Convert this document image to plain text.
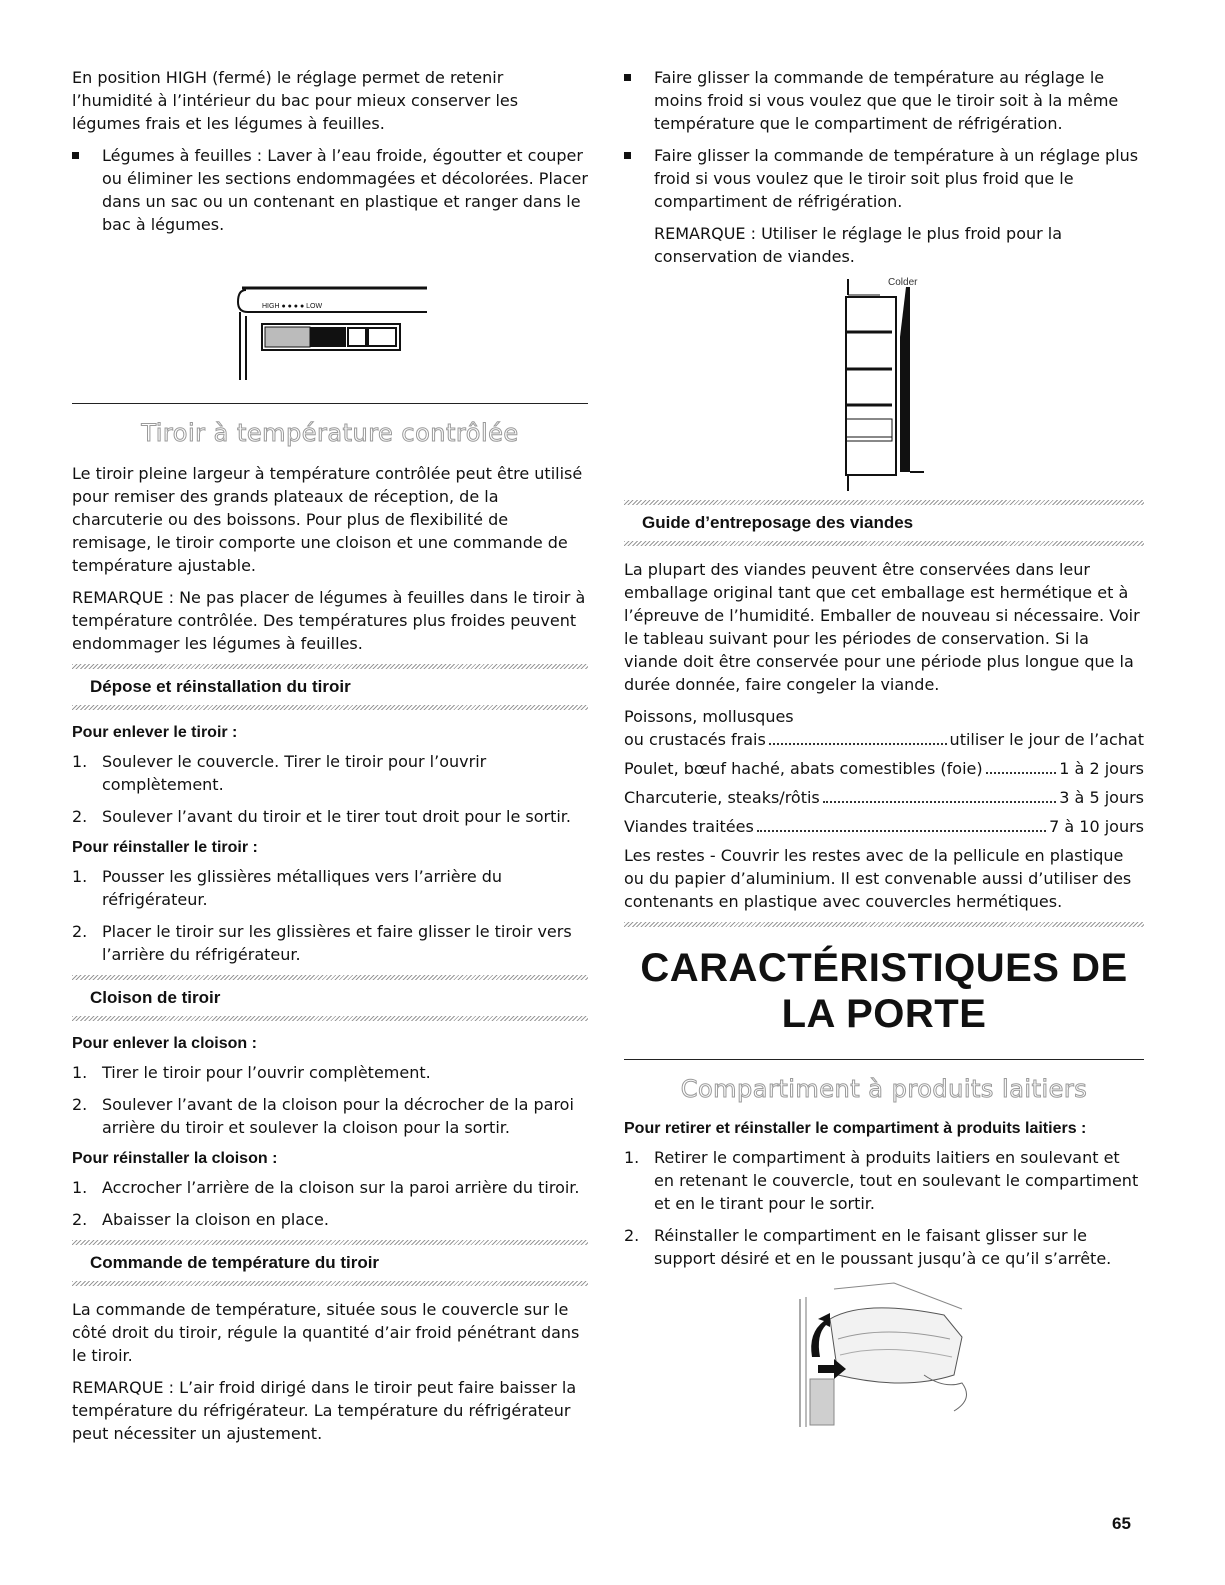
En position HIGH (fermé) le réglage permet de retenir l’humidité à l’intérieur du bac pour mieux conserver les légumes frais et les légumes à feuilles.

Légumes à feuilles : Laver à l’eau froide, égoutter et couper ou éliminer les sections endommagées et décolorées. Placer dans un sac ou un contenant en plastique et ranger dans le bac à légumes.

HIGH ● ● ● ● LOW
Tiroir à température contrôlée

Le tiroir pleine largeur à température contrôlée peut être utilisé pour remiser des grands plateaux de réception, de la charcuterie ou des boissons. Pour plus de flexibilité de remisage, le tiroir comporte une cloison et une commande de température ajustable.

REMARQUE : Ne pas placer de légumes à feuilles dans le tiroir à température contrôlée. Des températures plus froides peuvent endommager les légumes à feuilles.

Dépose et réinstallation du tiroir
Pour enlever le tiroir :

1. Soulever le couvercle. Tirer le tiroir pour l’ouvrir complètement.

2. Soulever l’avant du tiroir et le tirer tout droit pour le sortir.

Pour réinstaller le tiroir :

1. Pousser les glissières métalliques vers l’arrière du réfrigérateur.

2. Placer le tiroir sur les glissières et faire glisser le tiroir vers l’arrière du réfrigérateur.

Cloison de tiroir
Pour enlever la cloison :

1. Tirer le tiroir pour l’ouvrir complètement.

2. Soulever l’avant de la cloison pour la décrocher de la paroi arrière du tiroir et soulever la cloison pour la sortir.

Pour réinstaller la cloison :

1. Accrocher l’arrière de la cloison sur la paroi arrière du tiroir.

2. Abaisser la cloison en place.

Commande de température du tiroir

La commande de température, située sous le couvercle sur le côté droit du tiroir, régule la quantité d’air froid pénétrant dans le tiroir.

REMARQUE : L’air froid dirigé dans le tiroir peut faire baisser la température du réfrigérateur. La température du réfrigérateur peut nécessiter un ajustement.

Faire glisser la commande de température au réglage le moins froid si vous voulez que que le tiroir soit à la même température que le compartiment de réfrigération.

Faire glisser la commande de température à un réglage plus froid si vous voulez que le tiroir soit plus froid que le compartiment de réfrigération.

REMARQUE : Utiliser le réglage le plus froid pour la conservation de viandes.

Colder
Guide d’entreposage des viandes

La plupart des viandes peuvent être conservées dans leur emballage original tant que cet emballage est hermétique et à l’épreuve de l’humidité. Emballer de nouveau si nécessaire. Voir le tableau suivant pour les périodes de conservation. Si la viande doit être conservée pour une période plus longue que la durée donnée, faire congeler la viande.

Poissons, mollusques

ou crustacés frais	utiliser le jour de l’achat
Poulet, bœuf haché, abats comestibles (foie)	1 à 2 jours
Charcuterie, steaks/rôtis	3 à 5 jours
Viandes traitées	7 à 10 jours

Les restes - Couvrir les restes avec de la pellicule en plastique ou du papier d’aluminium. Il est convenable aussi d’utiliser des contenants en plastique avec couvercles hermétiques.

CARACTÉRISTIQUES DE
LA PORTE
Compartiment à produits laitiers
Pour retirer et réinstaller le compartiment à produits laitiers :

1. Retirer le compartiment à produits laitiers en soulevant et en retenant le couvercle, tout en soulevant le compartiment et en le tirant pour le sortir.

2. Réinstaller le compartiment en le faisant glisser sur le support désiré et en le poussant jusqu’à ce qu’il s’arrête.

65
